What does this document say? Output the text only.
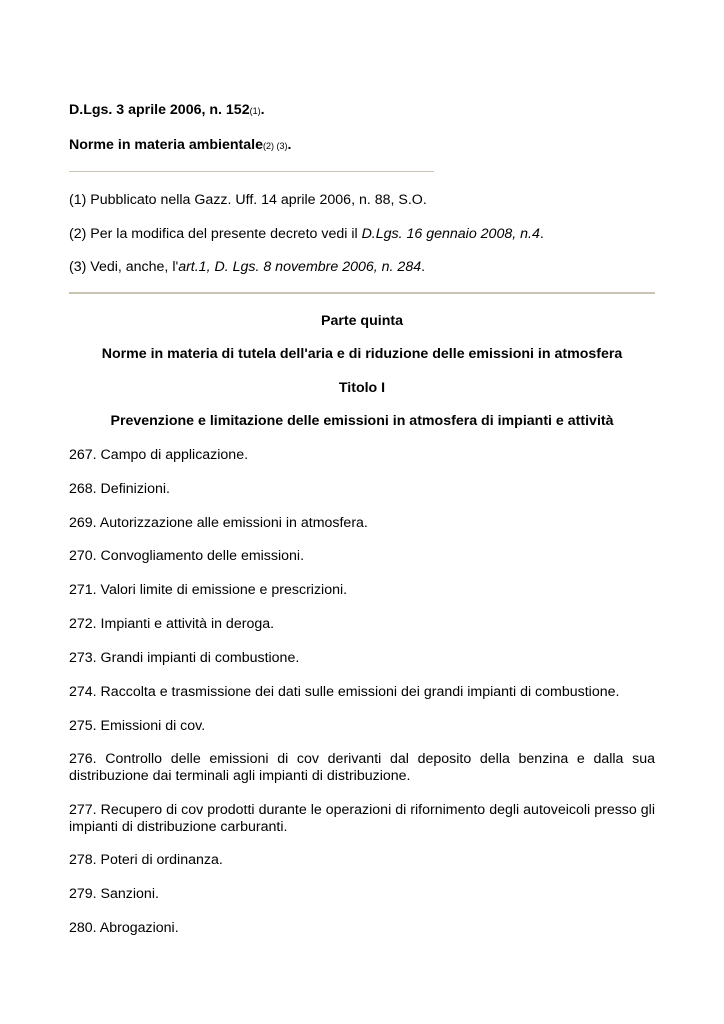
D.Lgs. 3 aprile 2006, n. 152(1).
Norme in materia ambientale(2) (3).
(1) Pubblicato nella Gazz. Uff. 14 aprile 2006, n. 88, S.O.
(2) Per la modifica del presente decreto vedi il D.Lgs. 16 gennaio 2008, n.4.
(3) Vedi, anche, l'art.1, D. Lgs. 8 novembre 2006, n. 284.
Parte quinta
Norme in materia di tutela dell'aria e di riduzione delle emissioni in atmosfera
Titolo I
Prevenzione e limitazione delle emissioni in atmosfera di impianti e attività
267. Campo di applicazione.
268. Definizioni.
269. Autorizzazione alle emissioni in atmosfera.
270. Convogliamento delle emissioni.
271. Valori limite di emissione e prescrizioni.
272. Impianti e attività in deroga.
273. Grandi impianti di combustione.
274. Raccolta e trasmissione dei dati sulle emissioni dei grandi impianti di combustione.
275. Emissioni di cov.
276. Controllo delle emissioni di cov derivanti dal deposito della benzina e dalla sua distribuzione dai terminali agli impianti di distribuzione.
277. Recupero di cov prodotti durante le operazioni di rifornimento degli autoveicoli presso gli impianti di distribuzione carburanti.
278. Poteri di ordinanza.
279. Sanzioni.
280. Abrogazioni.
